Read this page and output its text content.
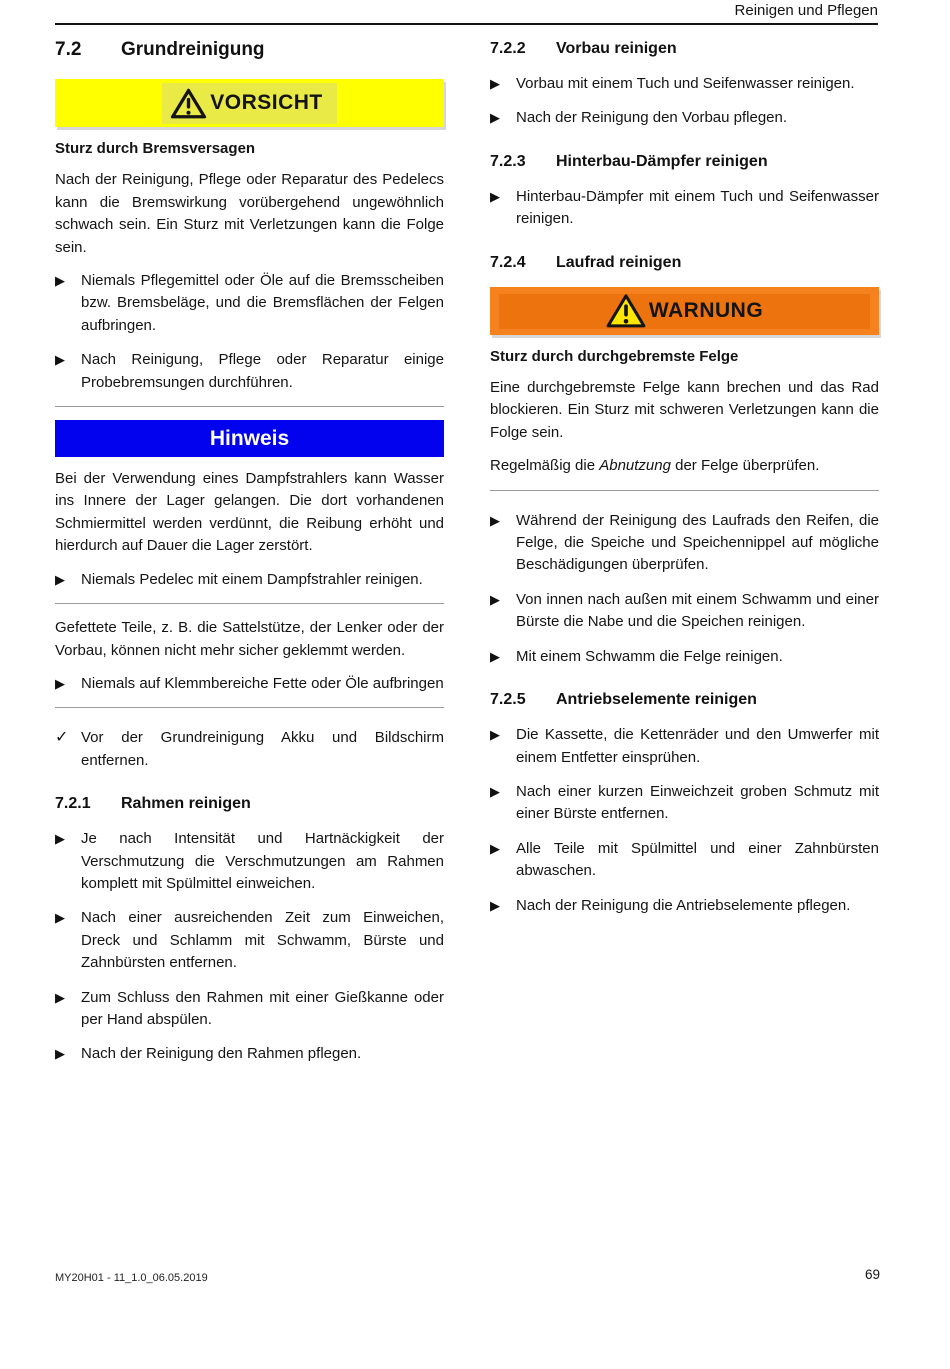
Reinigen und Pflegen
7.2	Grundreinigung
VORSICHT
Sturz durch Bremsversagen
Nach der Reinigung, Pflege oder Reparatur des Pedelecs kann die Bremswirkung vorübergehend ungewöhnlich schwach sein. Ein Sturz mit Verletzungen kann die Folge sein.
▶	Niemals Pflegemittel oder Öle auf die Bremsscheiben bzw. Bremsbeläge, und die Bremsflächen der Felgen aufbringen.
▶	Nach Reinigung, Pflege oder Reparatur einige Probebremsungen durchführen.
Hinweis
Bei der Verwendung eines Dampfstrahlers kann Wasser ins Innere der Lager gelangen. Die dort vorhandenen Schmiermittel werden verdünnt, die Reibung erhöht und hierdurch auf Dauer die Lager zerstört.
▶	Niemals Pedelec mit einem Dampfstrahler reinigen.
Gefettete Teile, z. B. die Sattelstütze, der Lenker oder der Vorbau, können nicht mehr sicher geklemmt werden.
▶	Niemals auf Klemmbereiche Fette oder Öle aufbringen
✓ Vor der Grundreinigung Akku und Bildschirm entfernen.
7.2.1	Rahmen reinigen
▶	Je nach Intensität und Hartnäckigkeit der Verschmutzung die Verschmutzungen am Rahmen komplett mit Spülmittel einweichen.
▶	Nach einer ausreichenden Zeit zum Einweichen, Dreck und Schlamm mit Schwamm, Bürste und Zahnbürsten entfernen.
▶	Zum Schluss den Rahmen mit einer Gießkanne oder per Hand abspülen.
▶	Nach der Reinigung den Rahmen pflegen.
7.2.2	Vorbau reinigen
▶	Vorbau mit einem Tuch und Seifenwasser reinigen.
▶	Nach der Reinigung den Vorbau pflegen.
7.2.3	Hinterbau-Dämpfer reinigen
▶	Hinterbau-Dämpfer mit einem Tuch und Seifenwasser reinigen.
7.2.4	Laufrad reinigen
WARNUNG
Sturz durch durchgebremste Felge
Eine durchgebremste Felge kann brechen und das Rad blockieren. Ein Sturz mit schweren Verletzungen kann die Folge sein.
Regelmäßig die Abnutzung der Felge überprüfen.
▶	Während der Reinigung des Laufrads den Reifen, die Felge, die Speiche und Speichennippel auf mögliche Beschädigungen überprüfen.
▶	Von innen nach außen mit einem Schwamm und einer Bürste die Nabe und die Speichen reinigen.
▶	Mit einem Schwamm die Felge reinigen.
7.2.5	Antriebselemente reinigen
▶	Die Kassette, die Kettenräder und den Umwerfer mit einem Entfetter einsprühen.
▶	Nach einer kurzen Einweichzeit groben Schmutz mit einer Bürste entfernen.
▶	Alle Teile mit Spülmittel und einer Zahnbürsten abwaschen.
▶	Nach der Reinigung die Antriebselemente pflegen.
MY20H01 - 11_1.0_06.05.2019	69
